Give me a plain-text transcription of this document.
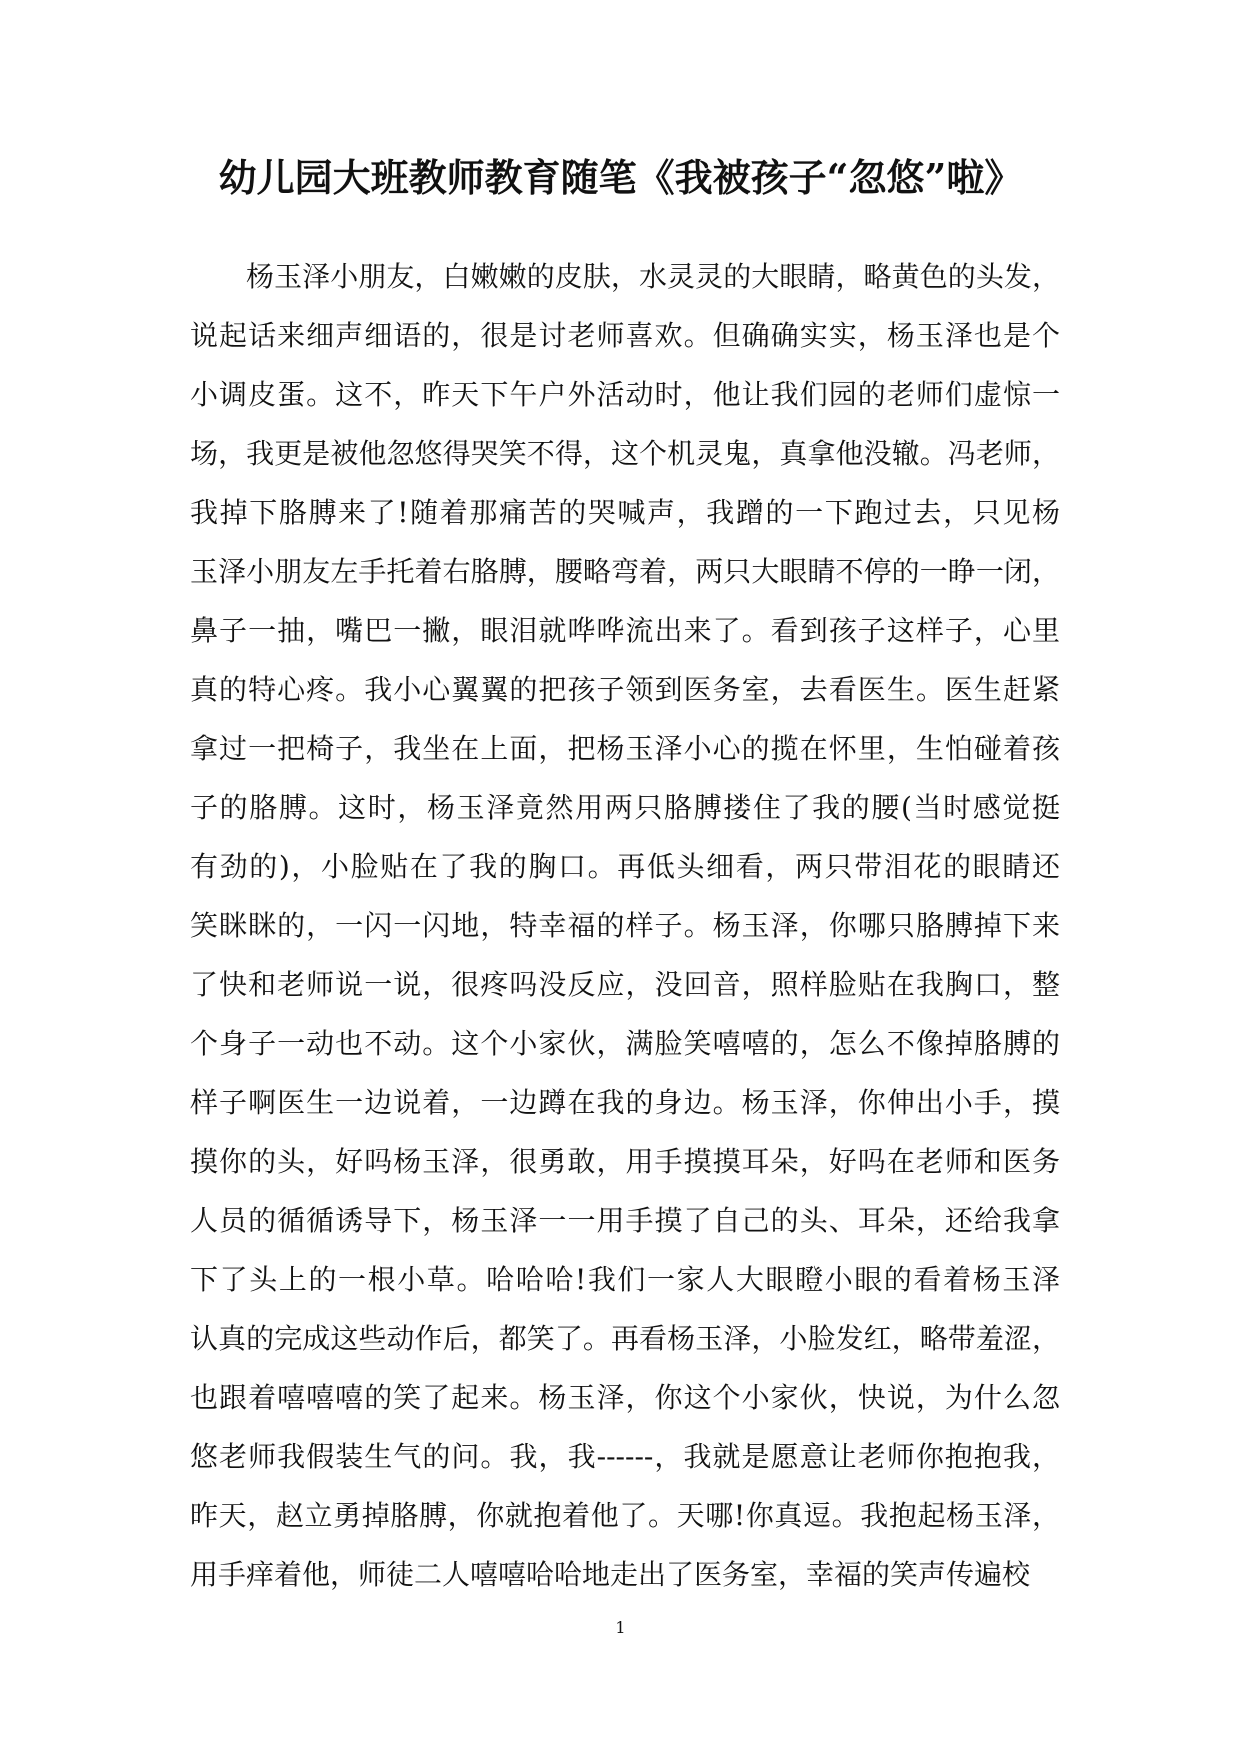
幼儿园大班教师教育随笔《我被孩子“忽悠”啦》
杨玉泽小朋友，白嫩嫩的皮肤，水灵灵的大眼睛，略黄色的头发，
说起话来细声细语的，很是讨老师喜欢。但确确实实，杨玉泽也是个
小调皮蛋。这不，昨天下午户外活动时，他让我们园的老师们虚惊一
场，我更是被他忽悠得哭笑不得，这个机灵鬼，真拿他没辙。冯老师，
我掉下胳膊来了!随着那痛苦的哭喊声，我蹭的一下跑过去，只见杨
玉泽小朋友左手托着右胳膊，腰略弯着，两只大眼睛不停的一睁一闭，
鼻子一抽，嘴巴一撇，眼泪就哗哗流出来了。看到孩子这样子，心里
真的特心疼。我小心翼翼的把孩子领到医务室，去看医生。医生赶紧
拿过一把椅子，我坐在上面，把杨玉泽小心的揽在怀里，生怕碰着孩
子的胳膊。这时，杨玉泽竟然用两只胳膊搂住了我的腰(当时感觉挺
有劲的)，小脸贴在了我的胸口。再低头细看，两只带泪花的眼睛还
笑眯眯的，一闪一闪地，特幸福的样子。杨玉泽，你哪只胳膊掉下来
了快和老师说一说，很疼吗没反应，没回音，照样脸贴在我胸口，整
个身子一动也不动。这个小家伙，满脸笑嘻嘻的，怎么不像掉胳膊的
样子啊医生一边说着，一边蹲在我的身边。杨玉泽，你伸出小手，摸
摸你的头，好吗杨玉泽，很勇敢，用手摸摸耳朵，好吗在老师和医务
人员的循循诱导下，杨玉泽一一用手摸了自己的头、耳朵，还给我拿
下了头上的一根小草。哈哈哈!我们一家人大眼瞪小眼的看着杨玉泽
认真的完成这些动作后，都笑了。再看杨玉泽，小脸发红，略带羞涩，
也跟着嘻嘻嘻的笑了起来。杨玉泽，你这个小家伙，快说，为什么忽
悠老师我假装生气的问。我，我------，我就是愿意让老师你抱抱我，
昨天，赵立勇掉胳膊，你就抱着他了。天哪!你真逗。我抱起杨玉泽，
用手痒着他，师徒二人嘻嘻哈哈地走出了医务室，幸福的笑声传遍校
1
